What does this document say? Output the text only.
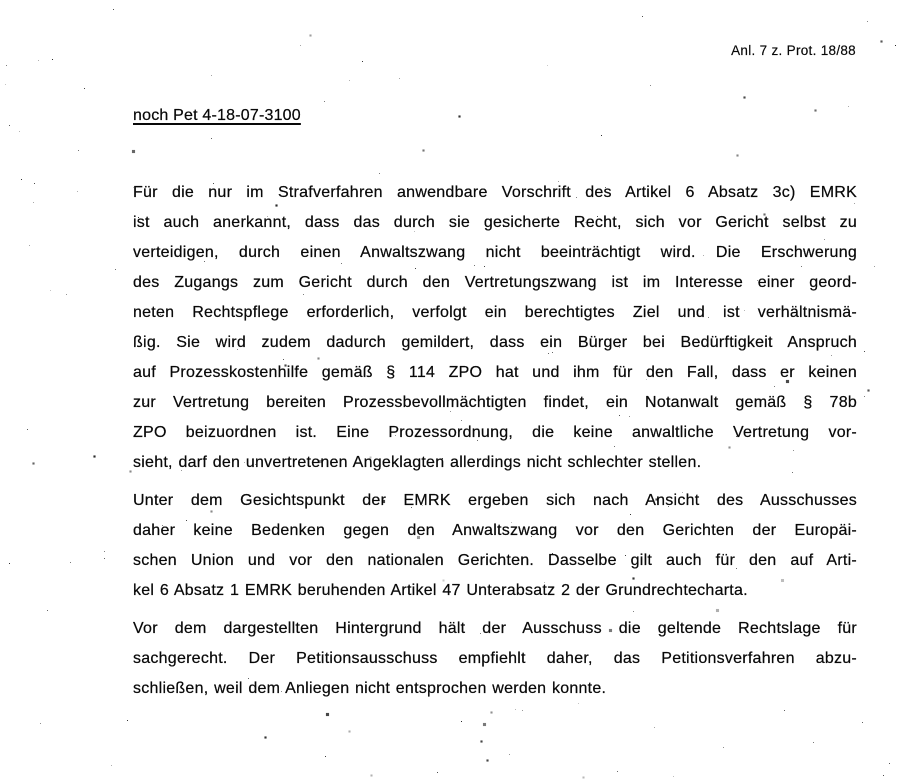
Anl. 7 z. Prot. 18/88
noch Pet 4-18-07-3100
Für die nur im Strafverfahren anwendbare Vorschrift des Artikel 6 Absatz 3c) EMRK
ist auch anerkannt, dass das durch sie gesicherte Recht, sich vor Gericht selbst zu
verteidigen, durch einen Anwaltszwang nicht beeinträchtigt wird. Die Erschwerung
des Zugangs zum Gericht durch den Vertretungszwang ist im Interesse einer geord-
neten Rechtspflege erforderlich, verfolgt ein berechtigtes Ziel und ist verhältnismä-
ßig. Sie wird zudem dadurch gemildert, dass ein Bürger bei Bedürftigkeit Anspruch
auf Prozesskostenhilfe gemäß § 114 ZPO hat und ihm für den Fall, dass er keinen
zur Vertretung bereiten Prozessbevollmächtigten findet, ein Notanwalt gemäß § 78b
ZPO beizuordnen ist. Eine Prozessordnung, die keine anwaltliche Vertretung vor-
sieht, darf den unvertretenen Angeklagten allerdings nicht schlechter stellen.
Unter dem Gesichtspunkt der EMRK ergeben sich nach Ansicht des Ausschusses
daher keine Bedenken gegen den Anwaltszwang vor den Gerichten der Europäi-
schen Union und vor den nationalen Gerichten. Dasselbe gilt auch für den auf Arti-
kel 6 Absatz 1 EMRK beruhenden Artikel 47 Unterabsatz 2 der Grundrechtecharta.
Vor dem dargestellten Hintergrund hält der Ausschuss die geltende Rechtslage für
sachgerecht. Der Petitionsausschuss empfiehlt daher, das Petitionsverfahren abzu-
schließen, weil dem Anliegen nicht entsprochen werden konnte.
